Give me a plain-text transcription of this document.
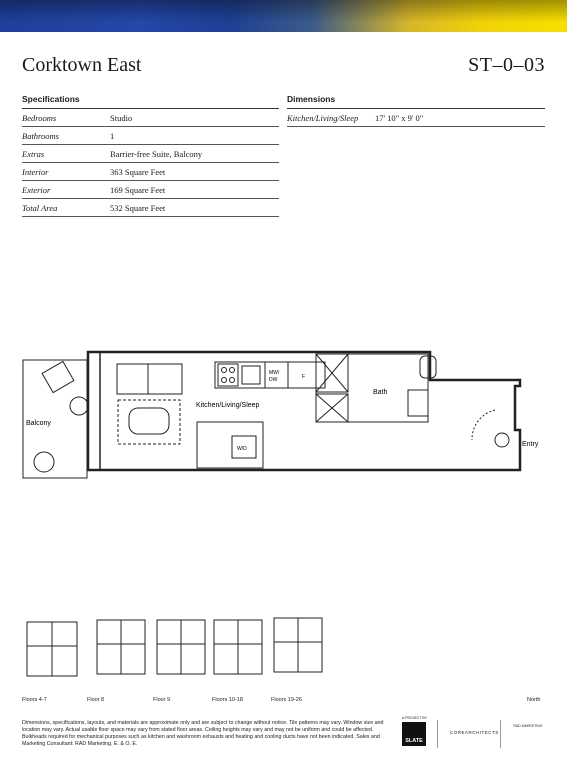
Corktown East	ST–0–03
Specifications
Bedrooms	Studio
Bathrooms	1
Extras	Barrier-free Suite, Balcony
Interior	363 Square Feet
Exterior	169 Square Feet
Total Area	532 Square Feet
Dimensions
Kitchen/Living/Sleep	17' 10" x 9' 0"
Balcony
Kitchen/Living/Sleep
Bath
Entry
MW/
DW	F
W/D
Floors 4-7	Floor 8	Floor 9	Floors 10-18	Floors 19-26	North
Dimensions, specifications, layouts, and materials are approximate only and are subject to change without notice. Tile patterns may vary. Window size and location may vary. Actual usable floor space may vary from stated floor areas. Ceiling heights may vary and may not be uniform and could be affected. Bulkheads required for mechanical purposes such as kitchen and washroom exhausts and heating and cooling ducts have not been indicated. Sales and Marketing Consultant: RAD Marketing. E. & O. E.
A PROJECT BY
SLATE
COREARCHITECTS
RAD MARKETING
